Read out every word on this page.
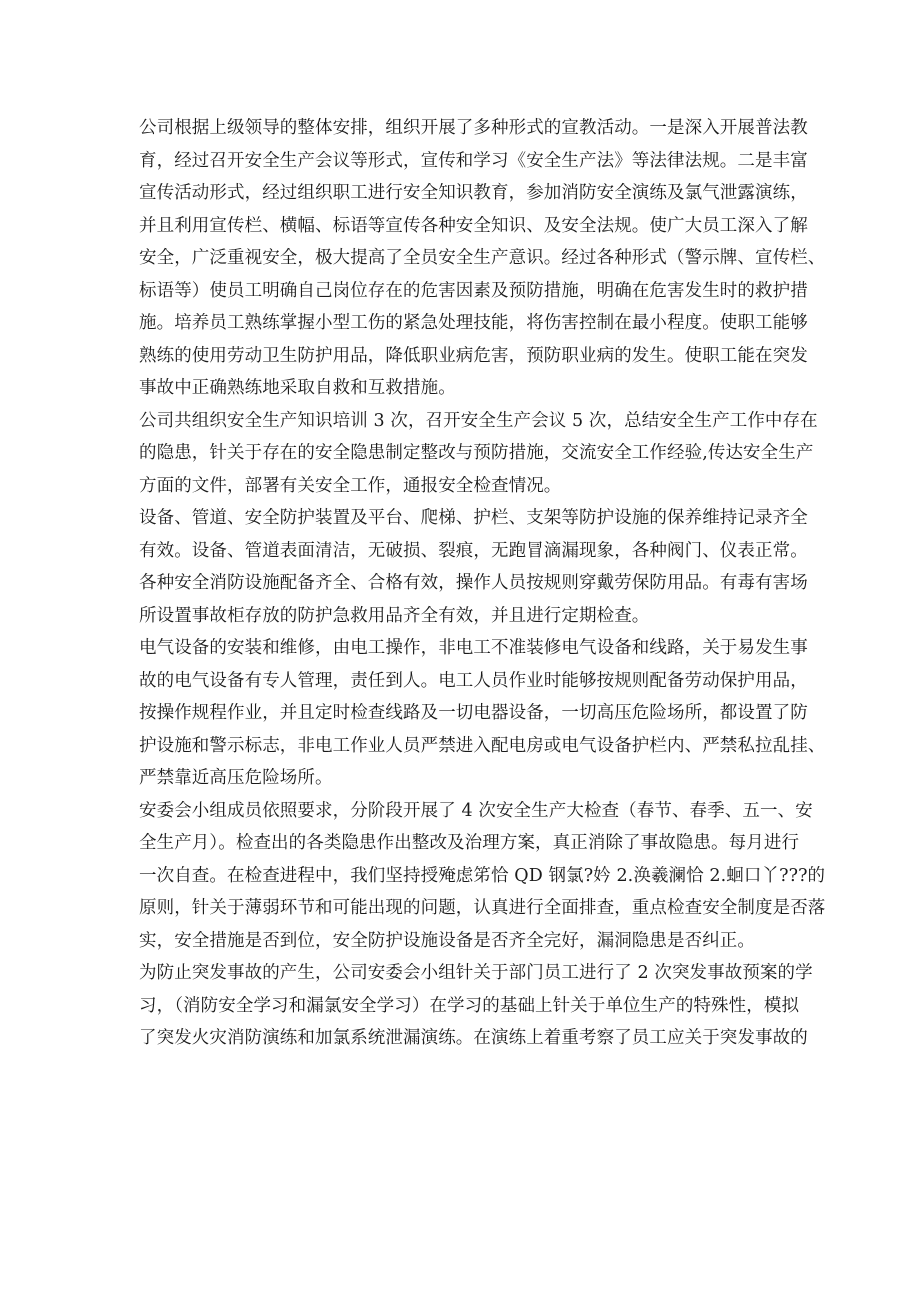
公司根据上级领导的整体安排，组织开展了多种形式的宣教活动。一是深入开展普法教
育，经过召开安全生产会议等形式，宣传和学习《安全生产法》等法律法规。二是丰富
宣传活动形式，经过组织职工进行安全知识教育，参加消防安全演练及氯气泄露演练，
并且利用宣传栏、横幅、标语等宣传各种安全知识、及安全法规。使广大员工深入了解
安全，广泛重视安全，极大提高了全员安全生产意识。经过各种形式（警示牌、宣传栏、
标语等）使员工明确自己岗位存在的危害因素及预防措施，明确在危害发生时的救护措
施。培养员工熟练掌握小型工伤的紧急处理技能，将伤害控制在最小程度。使职工能够
熟练的使用劳动卫生防护用品，降低职业病危害，预防职业病的发生。使职工能在突发
事故中正确熟练地采取自救和互救措施。
公司共组织安全生产知识培训 3 次，召开安全生产会议 5 次，总结安全生产工作中存在
的隐患，针关于存在的安全隐患制定整改与预防措施，交流安全工作经验,传达安全生产
方面的文件，部署有关安全工作，通报安全检查情况。
设备、管道、安全防护装置及平台、爬梯、护栏、支架等防护设施的保养维持记录齐全
有效。设备、管道表面清洁，无破损、裂痕，无跑冒滴漏现象，各种阀门、仪表正常。
各种安全消防设施配备齐全、合格有效，操作人员按规则穿戴劳保防用品。有毒有害场
所设置事故柜存放的防护急救用品齐全有效，并且进行定期检查。
电气设备的安装和维修，由电工操作，非电工不准装修电气设备和线路，关于易发生事
故的电气设备有专人管理，责任到人。电工人员作业时能够按规则配备劳动保护用品，
按操作规程作业，并且定时检查线路及一切电器设备，一切高压危险场所，都设置了防
护设施和警示标志，非电工作业人员严禁进入配电房或电气设备护栏内、严禁私拉乱挂、
严禁靠近高压危险场所。
安委会小组成员依照要求，分阶段开展了 4 次安全生产大检查（春节、春季、五一、安
全生产月）。检查出的各类隐患作出整改及治理方案，真正消除了事故隐患。每月进行
一次自查。在检查进程中，我们坚持授殗虑笫恰 QD 钢氯?妗 2.涣羲澜恰 2.蛔口丫???的
原则，针关于薄弱环节和可能出现的问题，认真进行全面排查，重点检查安全制度是否落
实，安全措施是否到位，安全防护设施设备是否齐全完好，漏洞隐患是否纠正。
为防止突发事故的产生，公司安委会小组针关于部门员工进行了 2 次突发事故预案的学
习，（消防安全学习和漏氯安全学习）在学习的基础上针关于单位生产的特殊性，模拟
了突发火灾消防演练和加氯系统泄漏演练。在演练上着重考察了员工应关于突发事故的
